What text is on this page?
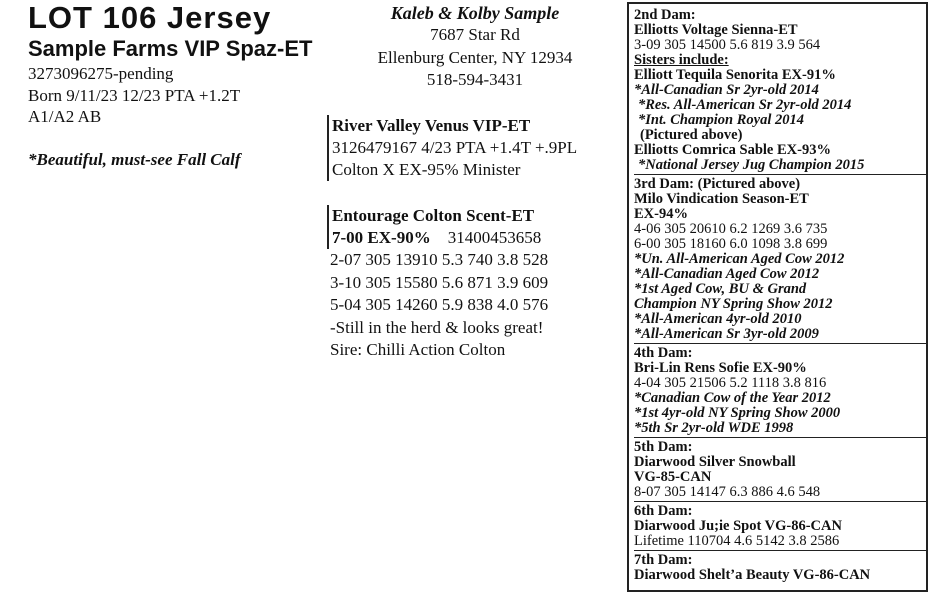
LOT 106 Jersey
Sample Farms VIP Spaz-ET
3273096275-pending
Born 9/11/23 12/23 PTA +1.2T
A1/A2 AB
*Beautiful, must-see Fall Calf
Kaleb & Kolby Sample
7687 Star Rd
Ellenburg Center, NY 12934
518-594-3431
River Valley Venus VIP-ET
3126479167 4/23 PTA +1.4T +.9PL
Colton X EX-95% Minister
Entourage Colton Scent-ET
7-00 EX-90% 31400453658
2-07 305 13910 5.3 740 3.8 528
3-10 305 15580 5.6 871 3.9 609
5-04 305 14260 5.9 838 4.0 576
-Still in the herd & looks great!
Sire: Chilli Action Colton
2nd Dam:
Elliotts Voltage Sienna-ET
3-09 305 14500 5.6 819 3.9 564
Sisters include:
Elliott Tequila Senorita EX-91%
*All-Canadian Sr 2yr-old 2014
*Res. All-American Sr 2yr-old 2014
*Int. Champion Royal 2014
(Pictured above)
Elliotts Comrica Sable EX-93%
*National Jersey Jug Champion 2015
3rd Dam: (Pictured above)
Milo Vindication Season-ET
EX-94%
4-06 305 20610 6.2 1269 3.6 735
6-00 305 18160 6.0 1098 3.8 699
*Un. All-American Aged Cow 2012
*All-Canadian Aged Cow 2012
*1st Aged Cow, BU & Grand
Champion NY Spring Show 2012
*All-American 4yr-old 2010
*All-American Sr 3yr-old 2009
4th Dam:
Bri-Lin Rens Sofie EX-90%
4-04 305 21506 5.2 1118 3.8 816
*Canadian Cow of the Year 2012
*1st 4yr-old NY Spring Show 2000
*5th Sr 2yr-old WDE 1998
5th Dam:
Diarwood Silver Snowball
VG-85-CAN
8-07 305 14147 6.3 886 4.6 548
6th Dam:
Diarwood Ju;ie Spot VG-86-CAN
Lifetime 110704 4.6 5142 3.8 2586
7th Dam:
Diarwood Shelt’a Beauty VG-86-CAN
